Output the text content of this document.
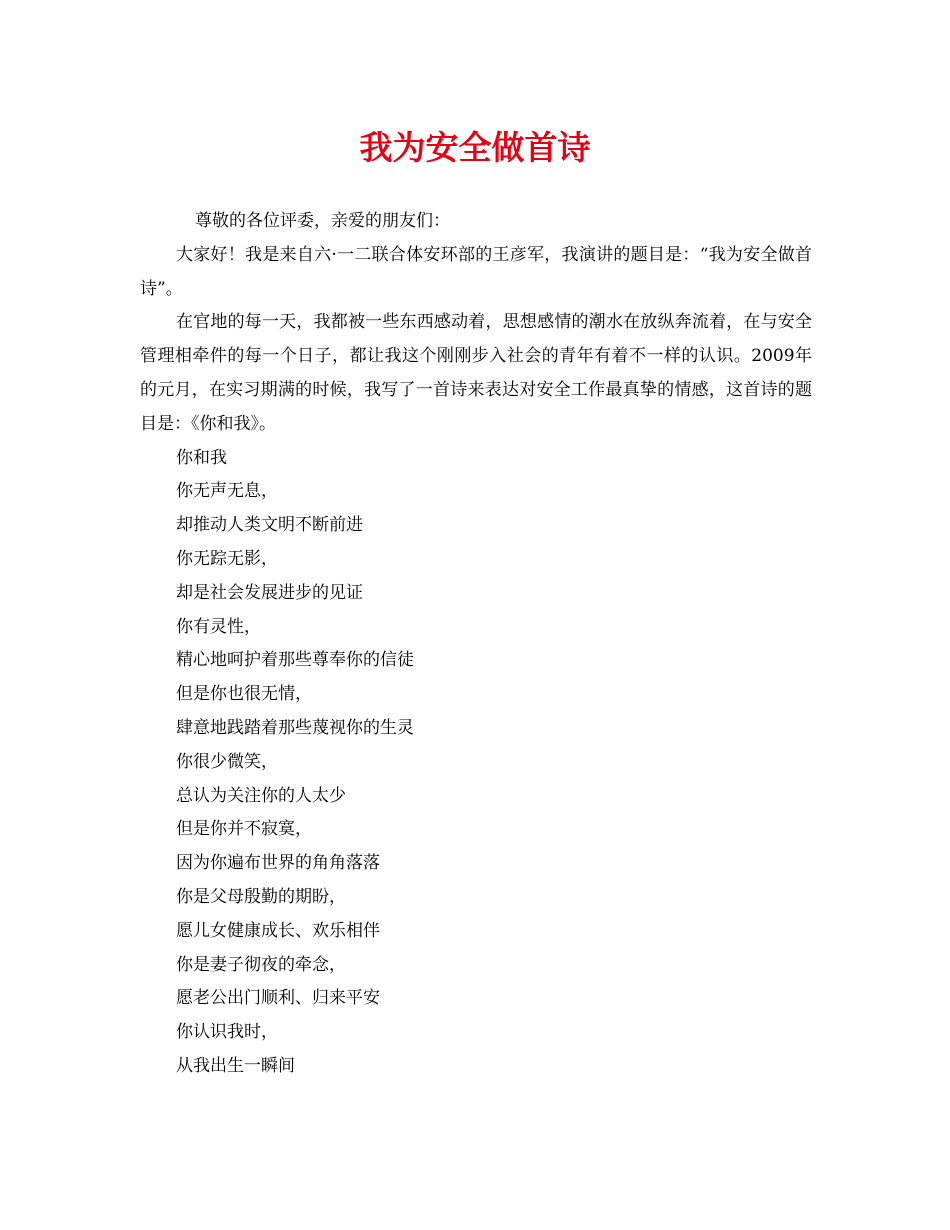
我为安全做首诗

尊敬的各位评委，亲爱的朋友们：

大家好！我是来自六·一二联合体安环部的王彦军，我演讲的题目是：“我为安全做首诗”。

在官地的每一天，我都被一些东西感动着，思想感情的潮水在放纵奔流着，在与安全管理相牵件的每一个日子，都让我这个刚刚步入社会的青年有着不一样的认识。2009年的元月，在实习期满的时候，我写了一首诗来表达对安全工作最真挚的情感，这首诗的题目是：《你和我》。

你和我

你无声无息，

却推动人类文明不断前进

你无踪无影，

却是社会发展进步的见证

你有灵性，

精心地呵护着那些尊奉你的信徒

但是你也很无情，

肆意地践踏着那些蔑视你的生灵

你很少微笑，

总认为关注你的人太少

但是你并不寂寞，

因为你遍布世界的角角落落

你是父母殷勤的期盼，

愿儿女健康成长、欢乐相伴

你是妻子彻夜的牵念，

愿老公出门顺利、归来平安

你认识我时，

从我出生一瞬间
